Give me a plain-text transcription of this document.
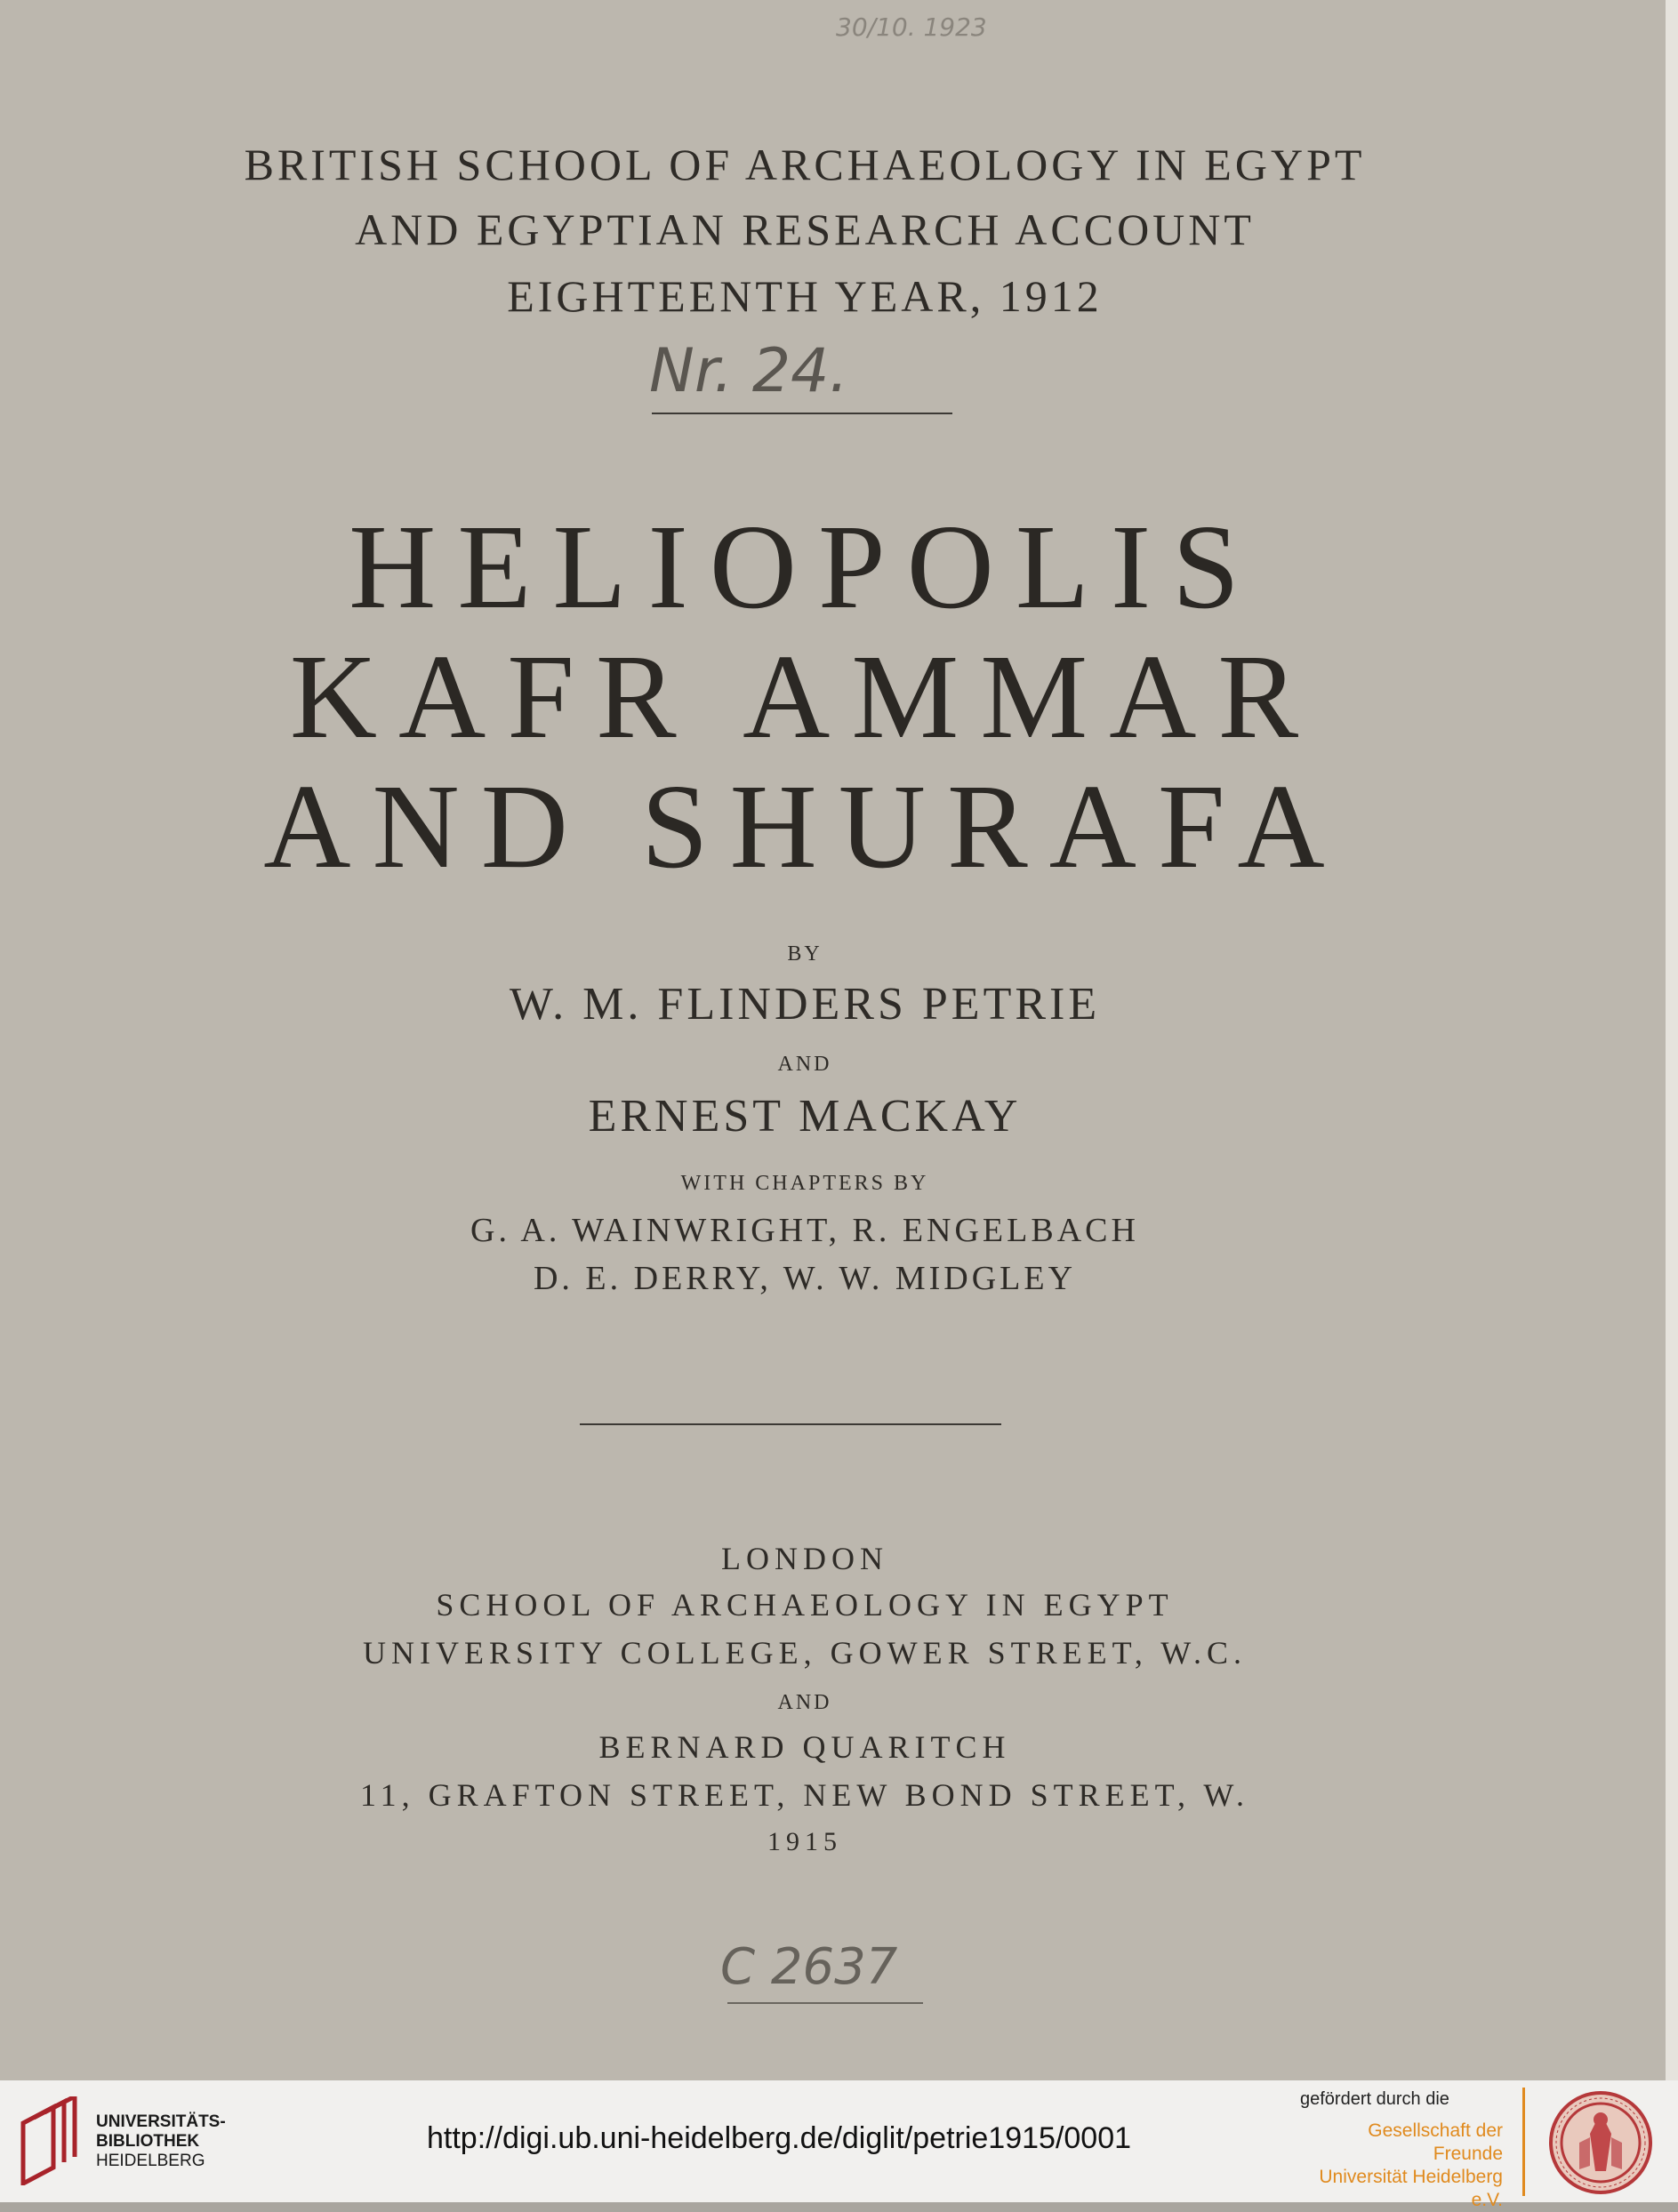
30/10. 1923
BRITISH SCHOOL OF ARCHAEOLOGY IN EGYPT
AND EGYPTIAN RESEARCH ACCOUNT
EIGHTEENTH YEAR, 1912
Nr. 24.
HELIOPOLIS
KAFR AMMAR
AND SHURAFA
BY
W. M. FLINDERS PETRIE
AND
ERNEST MACKAY
WITH CHAPTERS BY
G. A. WAINWRIGHT, R. ENGELBACH
D. E. DERRY, W. W. MIDGLEY
LONDON
SCHOOL OF ARCHAEOLOGY IN EGYPT
UNIVERSITY COLLEGE, GOWER STREET, W.C.
AND
BERNARD QUARITCH
11, GRAFTON STREET, NEW BOND STREET, W.
1915
C 2637
UNIVERSITÄTS-
BIBLIOTHEK
HEIDELBERG
http://digi.ub.uni-heidelberg.de/diglit/petrie1915/0001
gefördert durch die
Gesellschaft der Freunde
Universität Heidelberg e.V.
